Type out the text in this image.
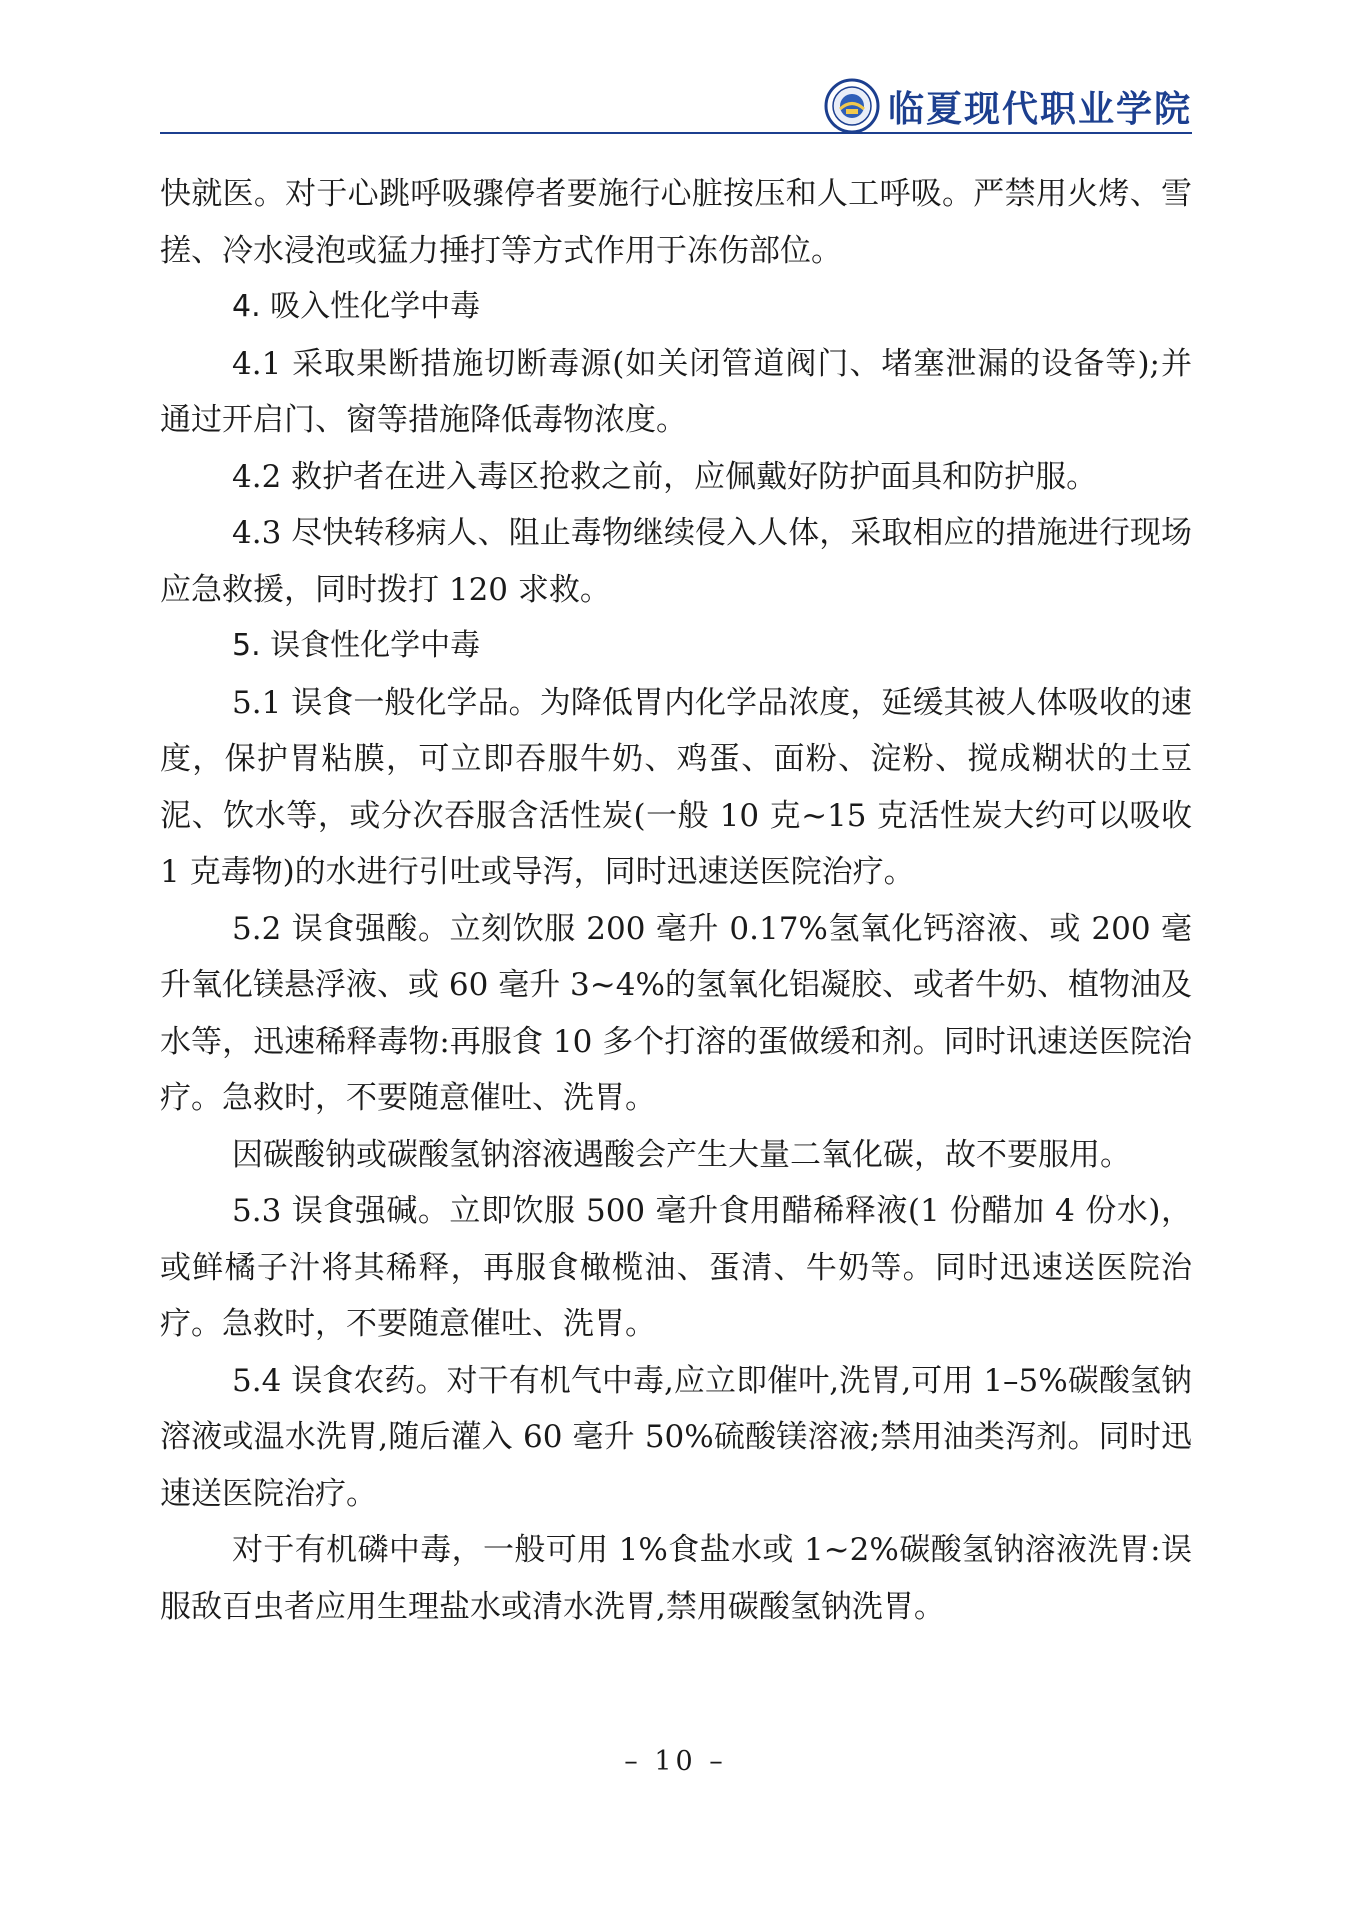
临夏现代职业学院

快就医。对于心跳呼吸骤停者要施行心脏按压和人工呼吸。严禁用火烤、雪搓、冷水浸泡或猛力捶打等方式作用于冻伤部位。

4. 吸入性化学中毒

4.1 采取果断措施切断毒源(如关闭管道阀门、堵塞泄漏的设备等);并通过开启门、窗等措施降低毒物浓度。

4.2 救护者在进入毒区抢救之前，应佩戴好防护面具和防护服。

4.3 尽快转移病人、阻止毒物继续侵入人体，采取相应的措施进行现场应急救援，同时拨打 120 求救。

5. 误食性化学中毒

5.1 误食一般化学品。为降低胃内化学品浓度，延缓其被人体吸收的速度，保护胃粘膜，可立即吞服牛奶、鸡蛋、面粉、淀粉、搅成糊状的土豆泥、饮水等，或分次吞服含活性炭(一般 10 克~15 克活性炭大约可以吸收 1 克毒物)的水进行引吐或导泻，同时迅速送医院治疗。

5.2 误食强酸。立刻饮服 200 毫升 0.17%氢氧化钙溶液、或 200 毫升氧化镁悬浮液、或 60 毫升 3~4%的氢氧化铝凝胶、或者牛奶、植物油及水等，迅速稀释毒物:再服食 10 多个打溶的蛋做缓和剂。同时讯速送医院治疗。急救时，不要随意催吐、洗胃。

因碳酸钠或碳酸氢钠溶液遇酸会产生大量二氧化碳，故不要服用。

5.3 误食强碱。立即饮服 500 毫升食用醋稀释液(1 份醋加 4 份水)，或鲜橘子汁将其稀释，再服食橄榄油、蛋清、牛奶等。同时迅速送医院治疗。急救时，不要随意催吐、洗胃。

5.4 误食农药。对干有机气中毒,应立即催叶,洗胃,可用 1–5%碳酸氢钠溶液或温水洗胃,随后灌入 60 毫升 50%硫酸镁溶液;禁用油类泻剂。同时迅速送医院治疗。

对于有机磷中毒，一般可用 1%食盐水或 1~2%碳酸氢钠溶液洗胃:误服敌百虫者应用生理盐水或清水洗胃,禁用碳酸氢钠洗胃。

– 10 –
